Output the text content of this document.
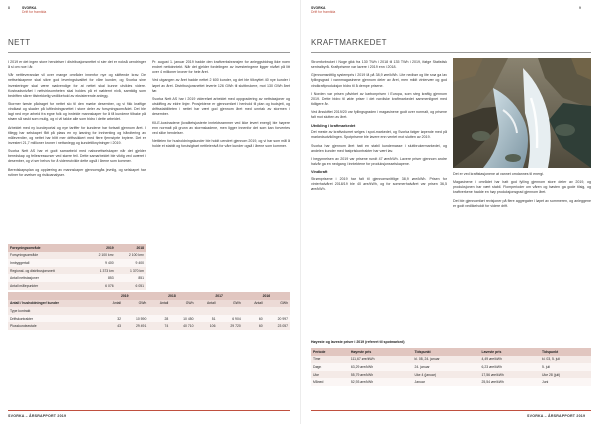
8	SVORKA
Drift for framtida
NETT

I 2019 er det ingen store hendelser i distribusjonsnettet vi sier det er nokså uendringer å si om noe i år.

Vår nettleverandør vil over mange områder innenfor nye og skiftende krav. De nettselskapene skal sikre god leveringskvalitet for våre kunder, og Svorka sine investeringer skal være nødvendige for at nettet skal kunne utvikles videre. Kostnadsnivået i nettvirksomheten skal holdes på et nøkternt nivå, samtidig som bedriften sikrer tilstrekkelig vedlikehold av eksisterende anlegg.

Stormer første pådraget for nettet slo til den mørke desember, og vi fikk kraftige vindkast og skader på luftledningsnettet i store deler av forsyningsområdet. Det ble lagt ned mye arbeid fra egne folk og innleide mannskaper for å få kundene tilbake på strøm så raskt som mulig, og vi vil takke alle som bidro i dette arbeidet.

Arbeidet med ny kundeportal og nye tariffer for kundene har fortsatt gjennom året. I tillegg har selskapet fått på plass en ny løsning for innhenting og håndtering av måleverdier, og nettet har blitt mer driftssikkert med flere fjernstyrte brytere. Det er investert 21,7 millioner kroner i nettanlegg og kundetilknytninger i 2019.

Svorka Nett AS har et godt samarbeid med nabonettselskaper når det gjelder beredskap og fellesressurser ved større feil. Dette samarbeidet ble viktig ved uværet i desember, og vi ser behov for å videreutvikle dette også i årene som kommer.

Beredskapsplan og opplæring av mannskaper gjennomgås jevnlig, og selskapet har rutiner for øvelser og risikoanalyser.

Pr. august 1. januar 2019 hadde den kraftverksbransjen for anleggsbidrag ikke noen endret nettoinntekt. Når det gjelder fordelingen av investeringene ligger nivået på litt over 4 millioner kroner for hele året.

Ved utgangen av året hadde nettet 2 600 kunder, og det ble tilknyttet 40 nye kunder i løpet av året. Distribusjonsnettet leverte 126 GWh til sluttbrukere, mot 130 GWh året før.

Svorka Nett AS har i 2019 videreført arbeidet med oppgradering av nettstasjoner og utskifting av eldre linjer. Prosjektene er gjennomført i henhold til plan og budsjett, og driftsstabiliteten i nettet har vært god gjennom året med unntak av stormen i desember.

KILE-kostnadene (kvalitetsjusterte inntektsrammer ved ikke levert energi) ble høyere enn normalt på grunn av stormskadene, men ligger innenfor det som kan forventes ved slike hendelser.

Nettleien for husholdningskunder ble holdt uendret gjennom 2019, og vi har som mål å holde et stabilt og forutsigbart nettleienivå for våre kunder også i årene som kommer.

Forsyningsområde	2019	2018
Forsyningsområde	2 100 km²	2 100 km²
Innbyggertall	9 400	9 400
Regional- og distribusjonsnett	1 373 km	1 370 km
Antall nettstasjoner	853	851
Antall målepunkter	6 076	6 051
	2019		2018		2017		2016	
Antall / husholdninger/ kunder	Antall	GWh	Antall	GWh	Antall	GWh	Antall	GWh
Type kontrakt								
Driftskontrakter	32	10 590	28	10 450	51	6 904	60	20 997
Plusskundeavtale	43	29 491	74	40 710	106	29 720	60	23 057
SVORKA – ÅRSRAPPORT 2019
SVORKA
Drift for framtida
9
KRAFTMARKEDET

Stromforbruket i Noge gikk fra 130 TWh i 2018 til 135 TWh i 2019, ifølge Statistisk sentralbyrå. Kraftprisene var lavere i 2019 enn i 2018.

Gjennomsnittlig systempris i 2019 lå på 38,9 øre/kWh. Lite nedbør og lite snø ga lav fyllingsgrad i vannmagasinene gjennom deler av året, men mildt vintervær og god vindkraftproduksjon bidro til å dempe prisene.

I Norden var prisen påvirket av karbonprisen i Europa, som steg kraftig gjennom 2019. Dette bidro til økte priser i det nordiske kraftmarkedet sammenlignet med tidligere år.

Ved årsskiftet 2019/20 var fyllingsgraden i magasinene godt over normalt, og prisene falt mot slutten av året.

Utvikling i kraftmarkedet

Det meste av kraftvolumet selges i spot-markedet, og Svorka følger løpende med på markedsutviklingen. Spotprisene ble lavere enn ventet mot slutten av 2019.

Svorka har gjennom året hatt en stabil kundemasse i sluttbrukermarkedet, og andelen kunder med fastpriskontrakter har vært lav.

I begynnelsen av 2019 var prisene rundt 47 øre/kWh. Lavere priser gjennom andre halvår ga en nedgang i inntektene for produksjonsselskapene.

Vindkraft

Strømprisene i 2019 har falt til gjennomsnittlige 38,9 øre/kWh. Prisen for vinterhalvåret 2018/19 ble 40 øre/kWh, og for sommerhalvåret var prisen 36,5 øre/kWh.

Det er ved kraftstasjonene at vannet omdannes til energi.

Magasinene i området har hatt god fylling gjennom store deler av 2019, og produksjonen har vært stabil. Flomperioder om våren og høsten ga gode tilsig, og kraftverkene hadde en høy produksjonsgrad gjennom året.

Det ble gjennomført revisjoner på flere aggregater i løpet av sommeren, og anleggene er godt vedlikeholdt for videre drift.

Høyeste og laveste priser i 2019 (referert til spotmarked)
Periode	Høyeste pris	Tidspunkt	Laveste pris	Tidspunkt
Time	111,67 øre/kWh	kl. 08, 24. januar	4,49 øre/kWh	kl. 03, 5. juli
Døgn	63,29 øre/kWh	24. januar	6,23 øre/kWh	5. juli
Uke	55,79 øre/kWh	Uke 4 (januar)	17,56 øre/kWh	Uke 28 (juli)
Måned	52,93 øre/kWh	Januar	25,54 øre/kWh	Juni
SVORKA – ÅRSRAPPORT 2019
